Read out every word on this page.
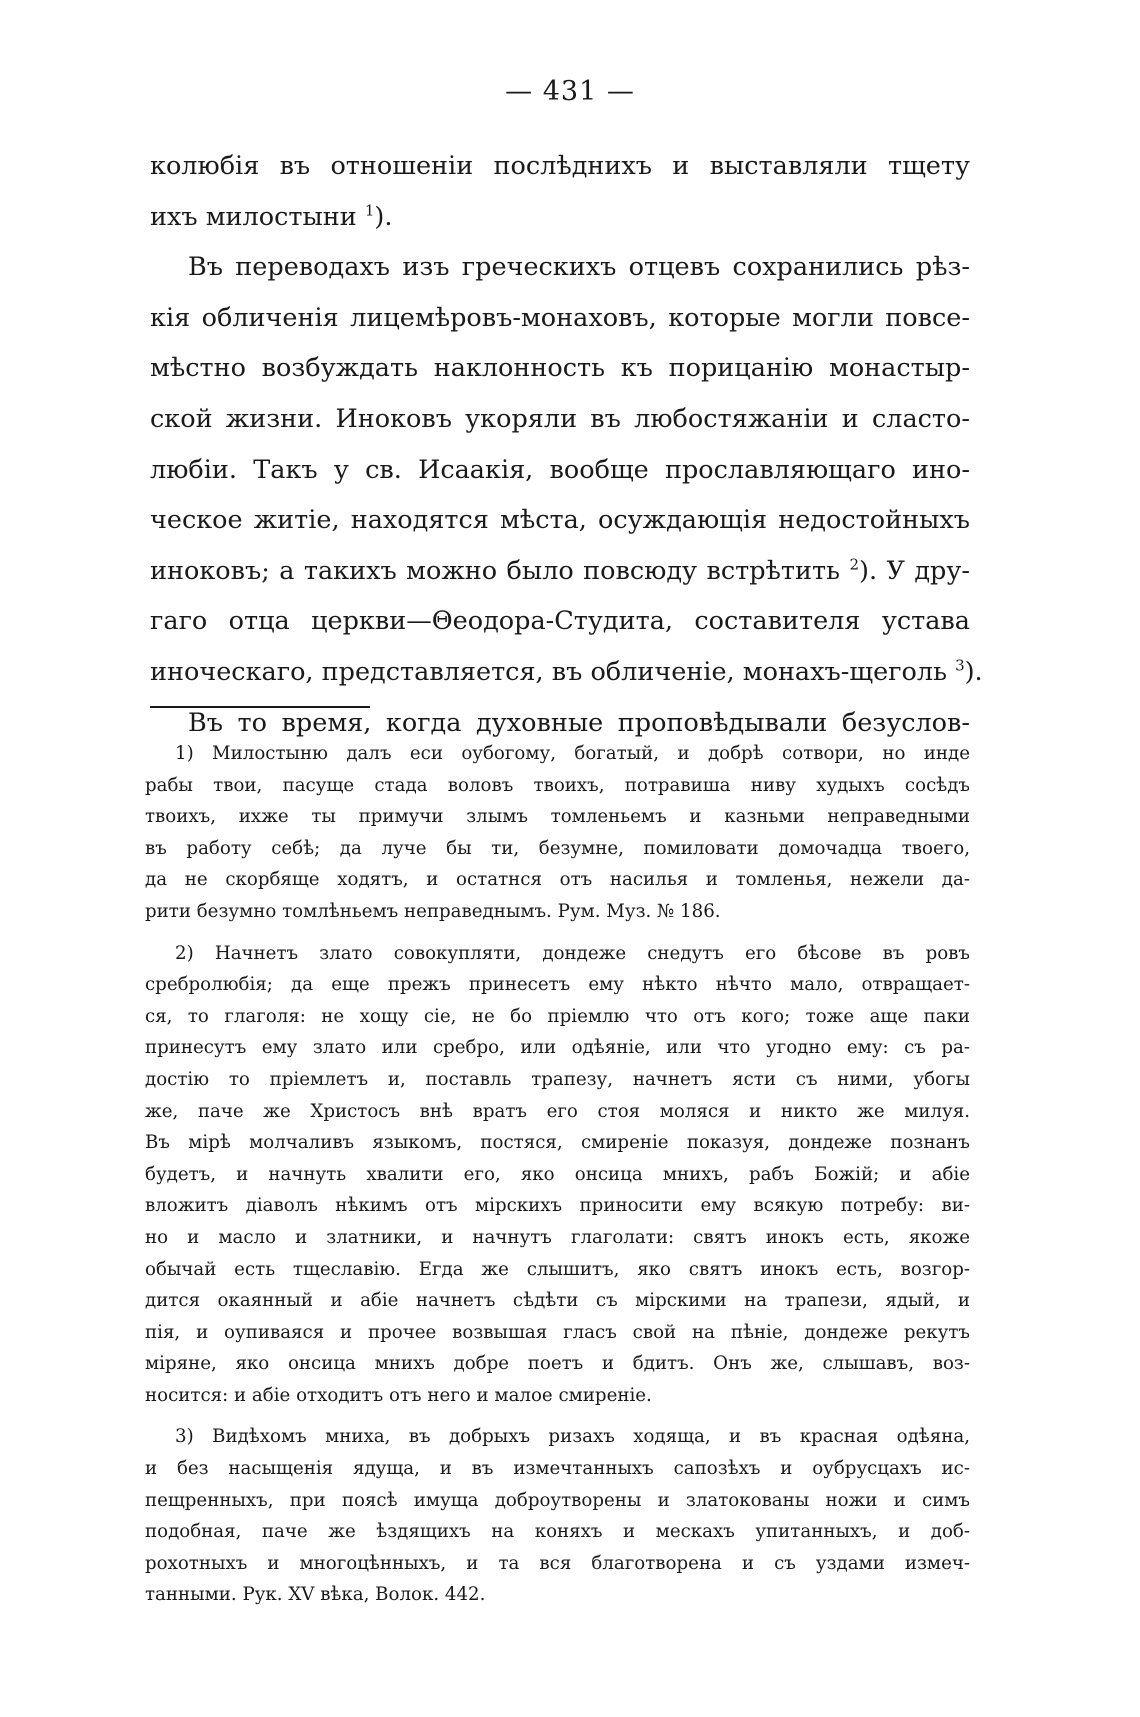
— 431 —
колюбія въ отношеніи послѣднихъ и выставляли тщету
ихъ милостыни $^1$).
Въ переводахъ изъ греческихъ отцевъ сохранились рѣз-
кія обличенія лицемѣровъ-монаховъ, которые могли повсе-
мѣстно возбуждать наклонность къ порицанію монастыр-
ской жизни. Иноковъ укоряли въ любостяжаніи и сласто-
любіи. Такъ у св. Исаакія, вообще прославляющаго ино-
ческое житіе, находятся мѣста, осуждающія недостойныхъ
иноковъ; а такихъ можно было повсюду встрѣтить $^2$). У дру-
гаго отца церкви—Θеодора-Студита, составителя устава
иноческаго, представляется, въ обличеніе, монахъ-щеголь $^3$).
Въ то время, когда духовные проповѣдывали безуслов-
1) Милостыню далъ еси оубогому, богатый, и добрѣ сотвори, но инде
рабы твои, пасуще стада воловъ твоихъ, потравиша ниву худыхъ сосѣдъ
твоихъ, ихже ты примучи злымъ томленьемъ и казньми неправедными
въ работу себѣ; да луче бы ти, безумне, помиловати домочадца твоего,
да не скорбяще ходятъ, и остатнся отъ насилья и томленья, нежели да-
рити безумно томлѣньемъ неправеднымъ. Рум. Муз. № 186.
2) Начнетъ злато совокупляти, дондеже снедутъ его бѣсове въ ровъ
сребролюбія; да еще прежъ принесетъ ему нѣкто нѣчто мало, отвращает-
ся, то глаголя: не хощу сіе, не бо пріемлю что отъ кого; тоже аще паки
принесутъ ему злато или сребро, или одѣяніе, или что угодно ему: съ ра-
достію то пріемлетъ и, поставль трапезу, начнетъ ясти съ ними, убогы
же, паче же Христосъ внѣ вратъ его стоя моляся и никто же милуя.
Въ мірѣ молчаливъ языкомъ, постяся, смиреніе показуя, дондеже познанъ
будетъ, и начнуть хвалити его, яко онсица мнихъ, рабъ Божій; и абіе
вложитъ діаволъ нѣкимъ отъ мірскихъ приносити ему всякую потребу: ви-
но и масло и златники, и начнутъ глаголати: святъ инокъ есть, якоже
обычай есть тщеславію. Егда же слышитъ, яко святъ инокъ есть, возгор-
дится окаянный и абіе начнетъ сѣдѣти съ мірскими на трапези, ядый, и
пія, и оупиваяся и прочее возвышая гласъ свой на пѣніе, дондеже рекутъ
міряне, яко онсица мнихъ добре поетъ и бдитъ. Онъ же, слышавъ, воз-
носится: и абіе отходитъ отъ него и малое смиреніе.
3) Видѣхомъ мниха, въ добрыхъ ризахъ ходяща, и въ красная одѣяна,
и без насыщенія ядуща, и въ измечтанныхъ сапозѣхъ и оубрусцахъ ис-
пещренныхъ, при поясѣ имуща доброутворены и златокованы ножи и симъ
подобная, паче же ѣздящихъ на коняхъ и мескахъ упитанныхъ, и доб-
рохотныхъ и многоцѣнныхъ, и та вся благотворена и съ уздами измеч-
танными. Рук. XV вѣка, Волок. 442.
